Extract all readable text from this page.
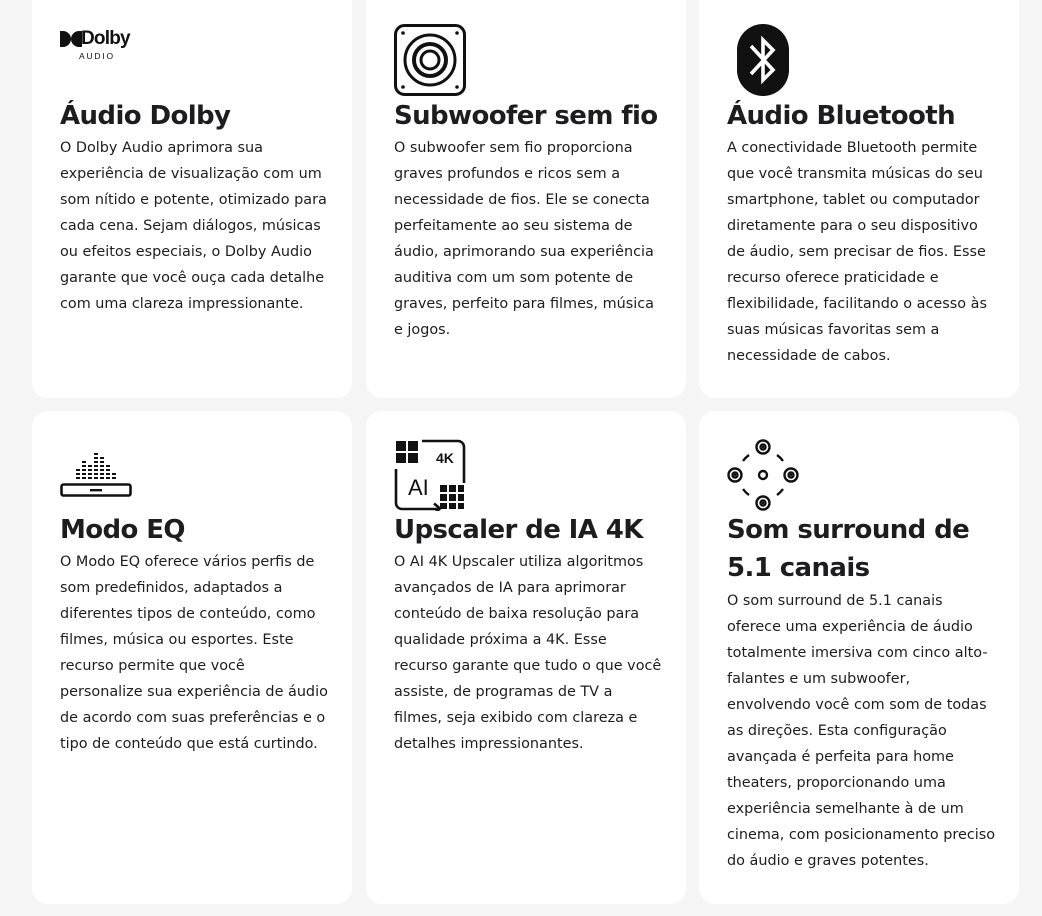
Dolby
AUDIO
Áudio Dolby

O Dolby Audio aprimora sua experiência de visualização com um som nítido e potente, otimizado para cada cena. Sejam diálogos, músicas ou efeitos especiais, o Dolby Audio garante que você ouça cada detalhe com uma clareza impressionante.

Subwoofer sem fio

O subwoofer sem fio proporciona graves profundos e ricos sem a necessidade de fios. Ele se conecta perfeitamente ao seu sistema de áudio, aprimorando sua experiência auditiva com um som potente de graves, perfeito para filmes, música e jogos.

Áudio Bluetooth

A conectividade Bluetooth permite que você transmita músicas do seu smartphone, tablet ou computador diretamente para o seu dispositivo de áudio, sem precisar de fios. Esse recurso oferece praticidade e flexibilidade, facilitando o acesso às suas músicas favoritas sem a necessidade de cabos.

Modo EQ

O Modo EQ oferece vários perfis de som predefinidos, adaptados a diferentes tipos de conteúdo, como filmes, música ou esportes. Este recurso permite que você personalize sua experiência de áudio de acordo com suas preferências e o tipo de conteúdo que está curtindo.

4K
AI
Upscaler de IA 4K

O AI 4K Upscaler utiliza algoritmos avançados de IA para aprimorar conteúdo de baixa resolução para qualidade próxima a 4K. Esse recurso garante que tudo o que você assiste, de programas de TV a filmes, seja exibido com clareza e detalhes impressionantes.

Som surround de 5.1 canais

O som surround de 5.1 canais oferece uma experiência de áudio totalmente imersiva com cinco alto-falantes e um subwoofer, envolvendo você com som de todas as direções. Esta configuração avançada é perfeita para home theaters, proporcionando uma experiência semelhante à de um cinema, com posicionamento preciso do áudio e graves potentes.
